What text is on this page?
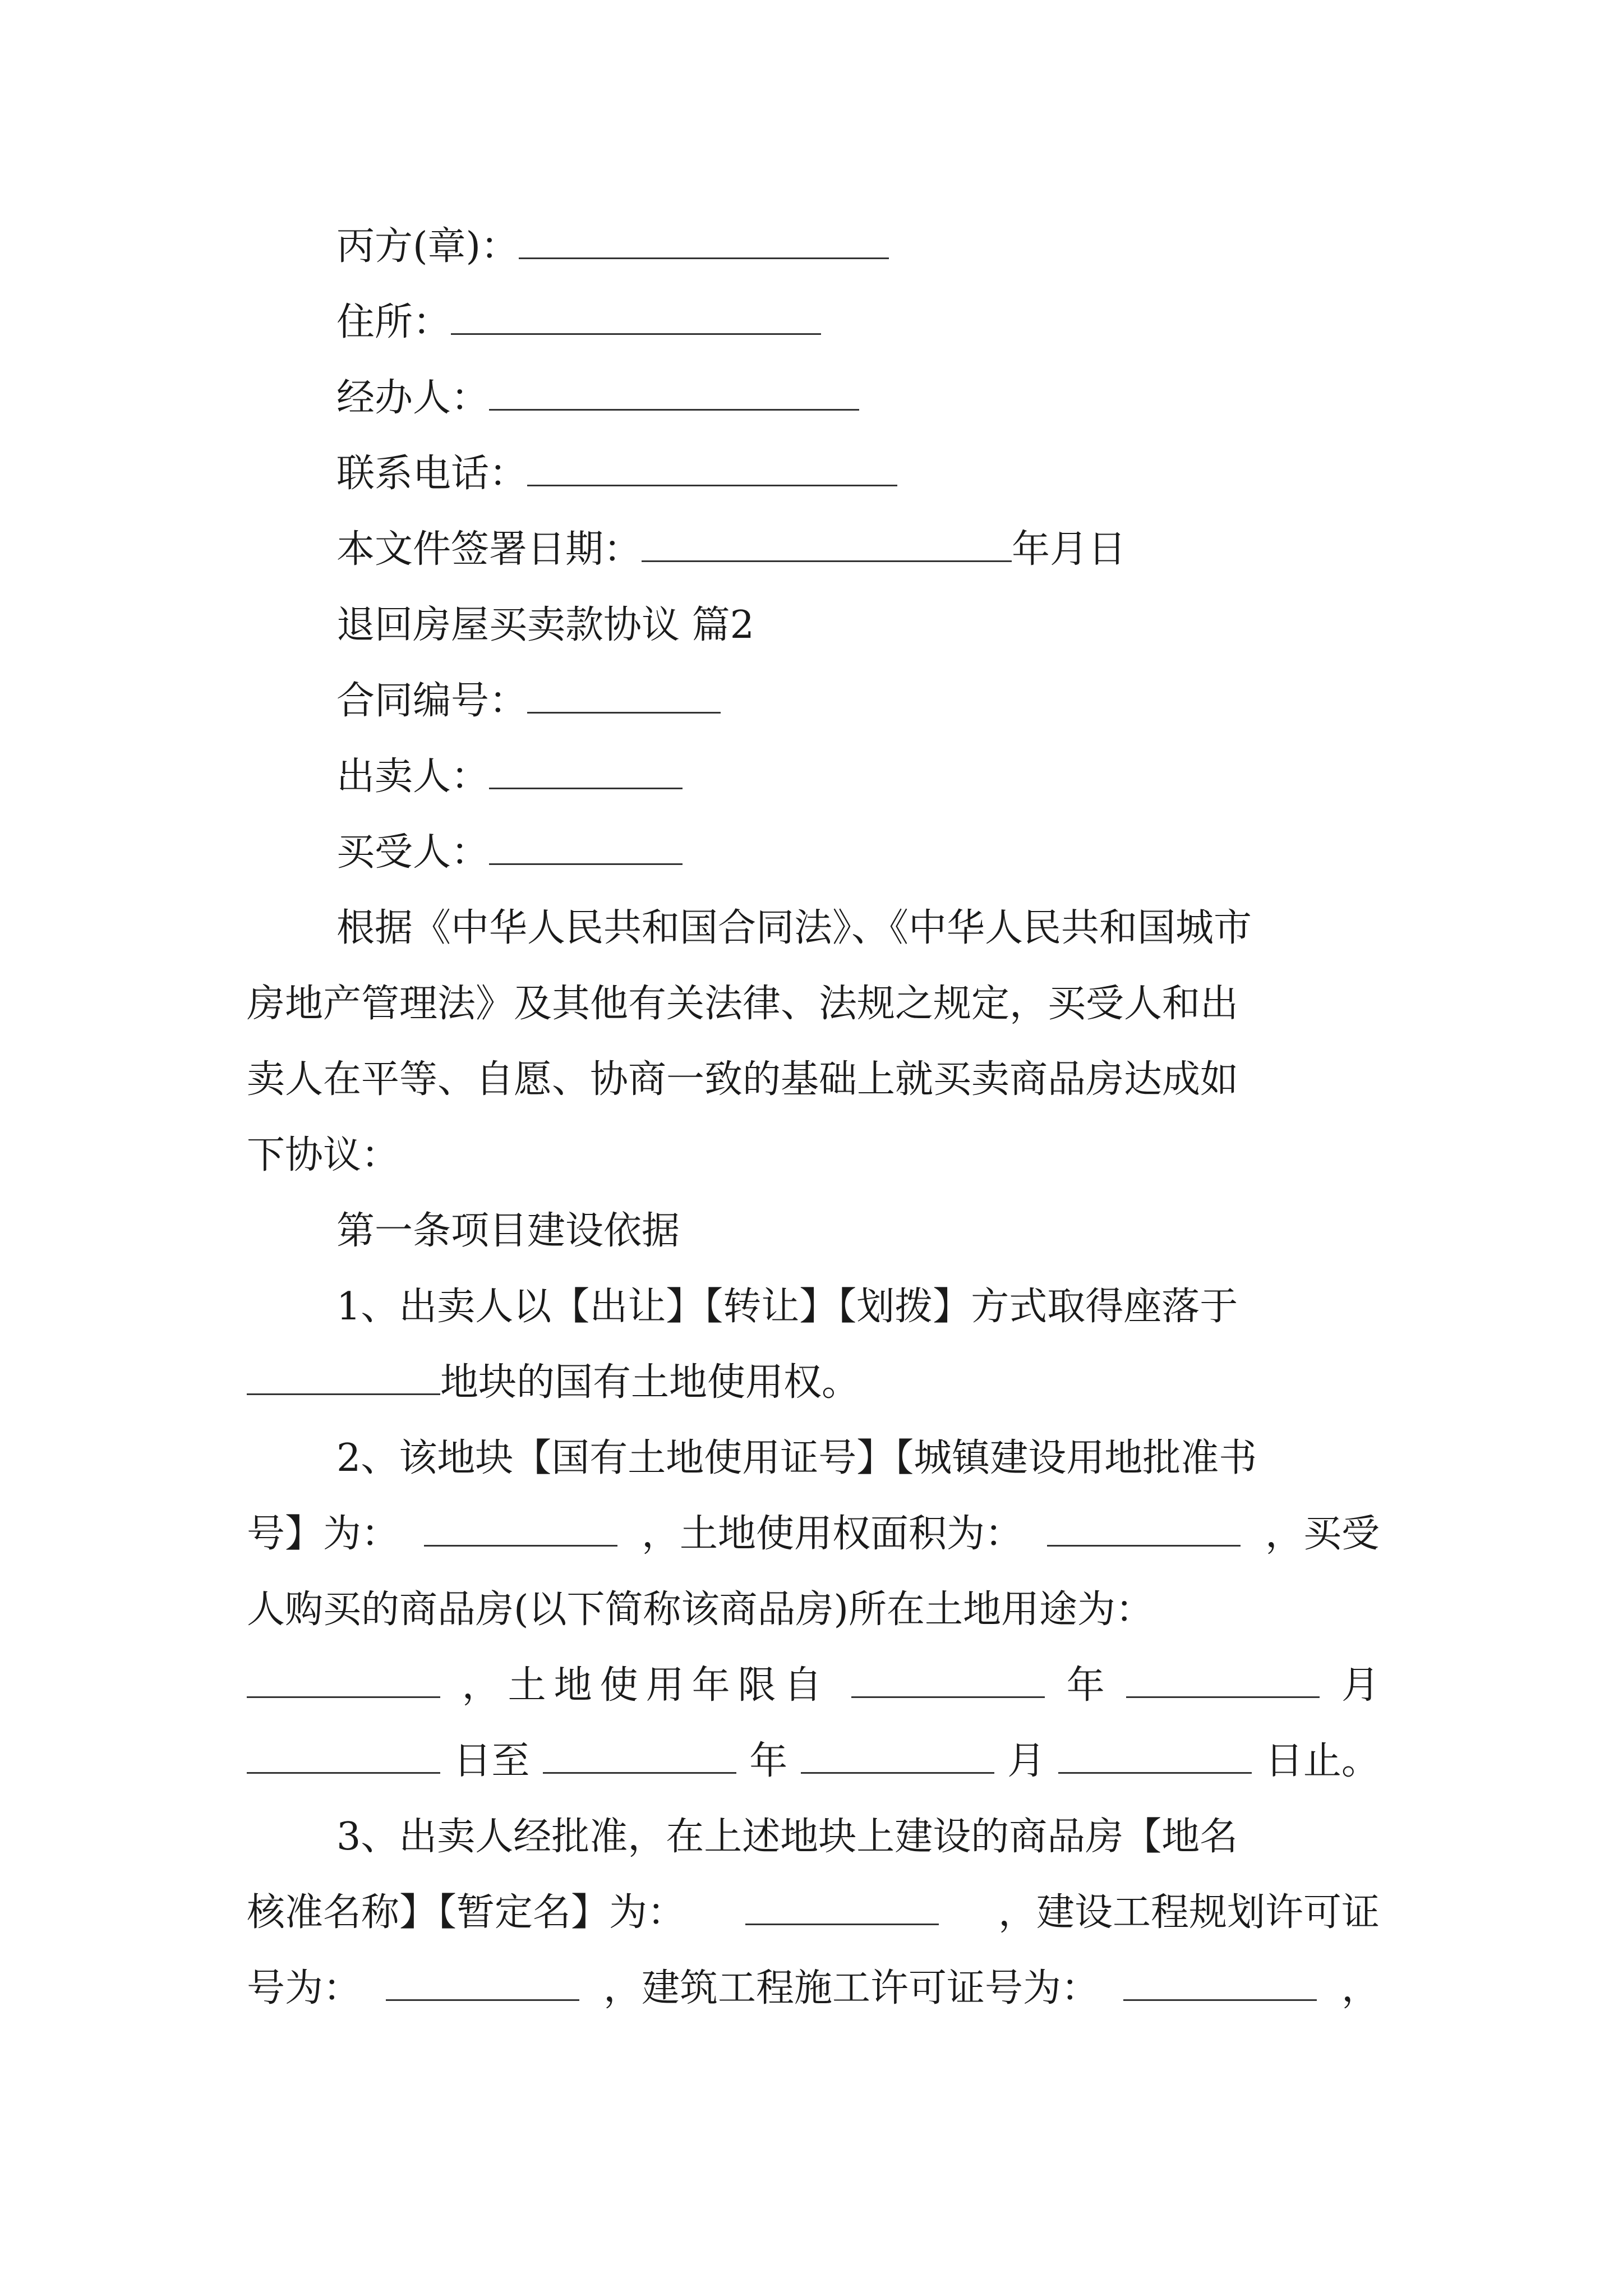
丙方(章)：
住所：
经办人：
联系电话：
本文件签署日期：	年月日
退回房屋买卖款协议 篇2
合同编号：
出卖人：
买受人：
根据《中华人民共和国合同法》、《中华人民共和国城市
房地产管理法》及其他有关法律、法规之规定，买受人和出
卖人在平等、自愿、协商一致的基础上就买卖商品房达成如
下协议：
第一条项目建设依据
1、出卖人以【出让】【转让】【划拨】方式取得座落于
地块的国有土地使用权。
2、该地块【国有土地使用证号】【城镇建设用地批准书
号】为：	，土地使用权面积为：	，买受
人购买的商品房(以下简称该商品房)所在土地用途为：
，土地使用年限自	年	月
日至	年	月	日止。
3、出卖人经批准，在上述地块上建设的商品房【地名
核准名称】【暂定名】为：	，建设工程规划许可证
号为：	，建筑工程施工许可证号为：	，
